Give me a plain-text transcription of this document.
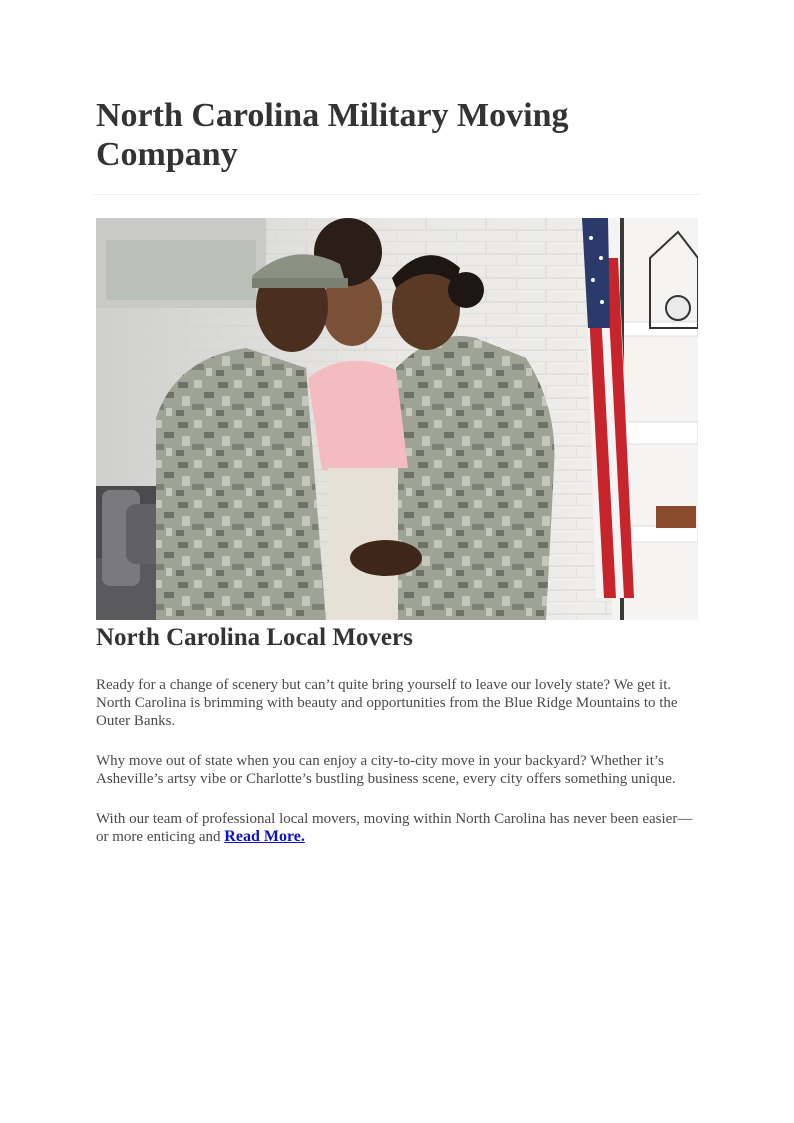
North Carolina Military Moving Company
North Carolina Local Movers

Ready for a change of scenery but can’t quite bring yourself to leave our lovely state? We get it. North Carolina is brimming with beauty and opportunities from the Blue Ridge Mountains to the Outer Banks.

Why move out of state when you can enjoy a city-to-city move in your backyard? Whether it’s Asheville’s artsy vibe or Charlotte’s bustling business scene, every city offers something unique.

With our team of professional local movers, moving within North Carolina has never been easier—or more enticing and Read More.
